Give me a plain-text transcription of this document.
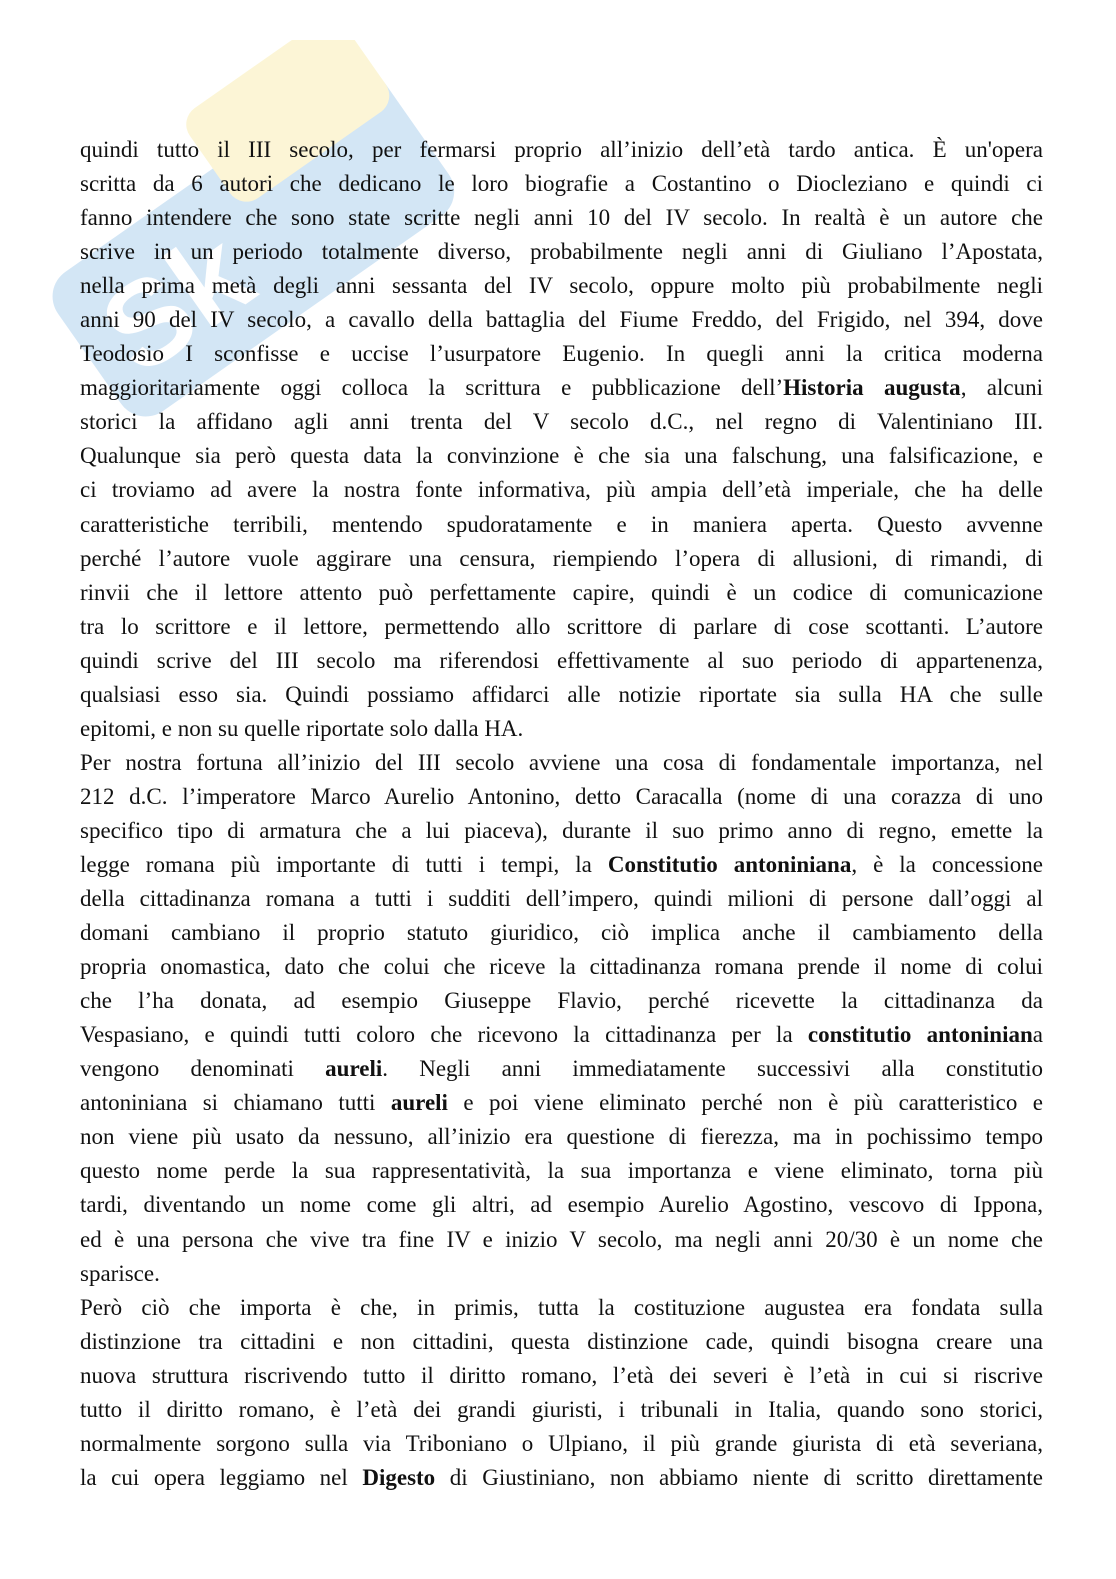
Sk
quindi tutto il III secolo, per fermarsi proprio all’inizio dell’età tardo antica. È un'opera
scritta da 6 autori che dedicano le loro biografie a Costantino o Diocleziano e quindi ci
fanno intendere che sono state scritte negli anni 10 del IV secolo. In realtà è un autore che
scrive in un periodo totalmente diverso, probabilmente negli anni di Giuliano l’Apostata,
nella prima metà degli anni sessanta del IV secolo, oppure molto più probabilmente negli
anni 90 del IV secolo, a cavallo della battaglia del Fiume Freddo, del Frigido, nel 394, dove
Teodosio I sconfisse e uccise l’usurpatore Eugenio. In quegli anni la critica moderna
maggioritariamente oggi colloca la scrittura e pubblicazione dell’Historia augusta, alcuni
storici la affidano agli anni trenta del V secolo d.C., nel regno di Valentiniano III.
Qualunque sia però questa data la convinzione è che sia una falschung, una falsificazione, e
ci troviamo ad avere la nostra fonte informativa, più ampia dell’età imperiale, che ha delle
caratteristiche terribili, mentendo spudoratamente e in maniera aperta. Questo avvenne
perché l’autore vuole aggirare una censura, riempiendo l’opera di allusioni, di rimandi, di
rinvii che il lettore attento può perfettamente capire, quindi è un codice di comunicazione
tra lo scrittore e il lettore, permettendo allo scrittore di parlare di cose scottanti. L’autore
quindi scrive del III secolo ma riferendosi effettivamente al suo periodo di appartenenza,
qualsiasi esso sia. Quindi possiamo affidarci alle notizie riportate sia sulla HA che sulle
epitomi, e non su quelle riportate solo dalla HA.
Per nostra fortuna all’inizio del III secolo avviene una cosa di fondamentale importanza, nel
212 d.C. l’imperatore Marco Aurelio Antonino, detto Caracalla (nome di una corazza di uno
specifico tipo di armatura che a lui piaceva), durante il suo primo anno di regno, emette la
legge romana più importante di tutti i tempi, la Constitutio antoniniana, è la concessione
della cittadinanza romana a tutti i sudditi dell’impero, quindi milioni di persone dall’oggi al
domani cambiano il proprio statuto giuridico, ciò implica anche il cambiamento della
propria onomastica, dato che colui che riceve la cittadinanza romana prende il nome di colui
che l’ha donata, ad esempio Giuseppe Flavio, perché ricevette la cittadinanza da
Vespasiano, e quindi tutti coloro che ricevono la cittadinanza per la constitutio antoniniana
vengono denominati aureli. Negli anni immediatamente successivi alla constitutio
antoniniana si chiamano tutti aureli e poi viene eliminato perché non è più caratteristico e
non viene più usato da nessuno, all’inizio era questione di fierezza, ma in pochissimo tempo
questo nome perde la sua rappresentatività, la sua importanza e viene eliminato, torna più
tardi, diventando un nome come gli altri, ad esempio Aurelio Agostino, vescovo di Ippona,
ed è una persona che vive tra fine IV e inizio V secolo, ma negli anni 20/30 è un nome che
sparisce.
Però ciò che importa è che, in primis, tutta la costituzione augustea era fondata sulla
distinzione tra cittadini e non cittadini, questa distinzione cade, quindi bisogna creare una
nuova struttura riscrivendo tutto il diritto romano, l’età dei severi è l’età in cui si riscrive
tutto il diritto romano, è l’età dei grandi giuristi, i tribunali in Italia, quando sono storici,
normalmente sorgono sulla via Triboniano o Ulpiano, il più grande giurista di età severiana,
la cui opera leggiamo nel Digesto di Giustiniano, non abbiamo niente di scritto direttamente
